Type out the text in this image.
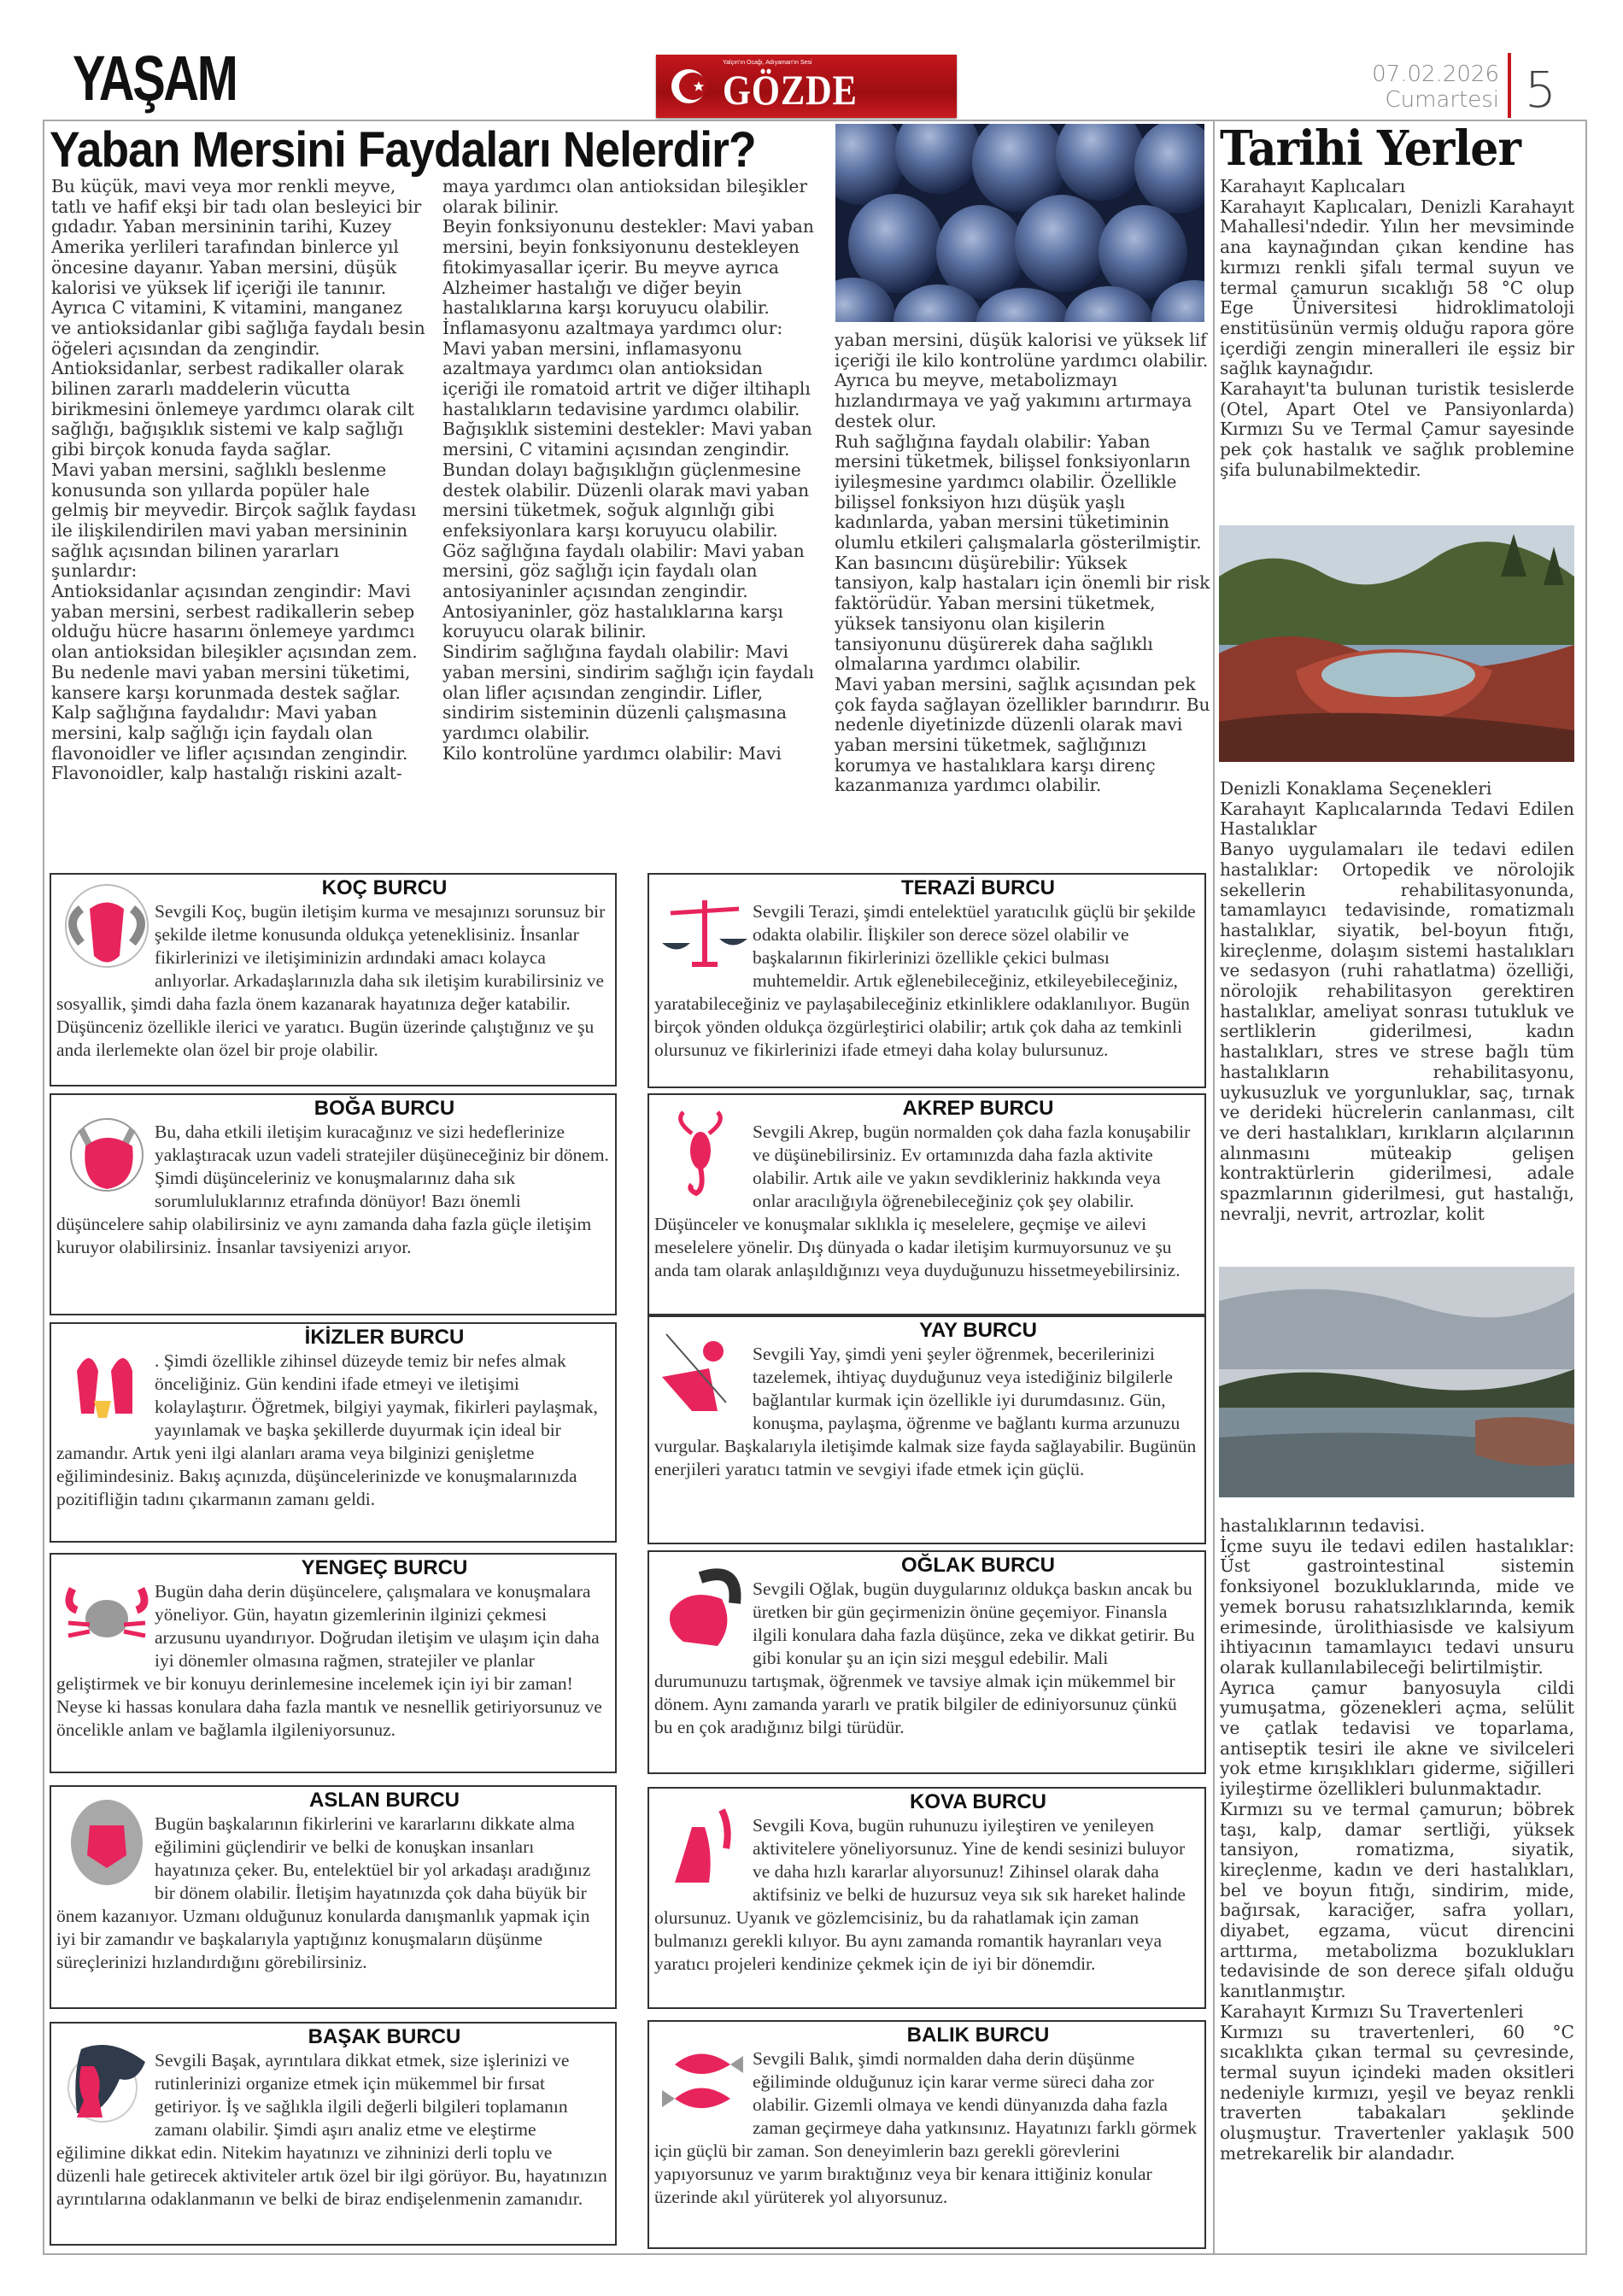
YAŞAM	Yalçın'ın Ocağı, Adıyaman'ın Sesi
GÖZDE	07.02.2026
Cumartesi 5
Yaban Mersini Faydaları Nelerdir?
Bu küçük, mavi veya mor renkli meyve, tatlı ve hafif ekşi bir tadı olan besleyici bir gıdadır. Yaban mersininin tarihi, Kuzey Amerika yerlileri tarafından binlerce yıl öncesine dayanır. Yaban mersini, düşük kalorisi ve yüksek lif içeriği ile tanınır. Ayrıca C vitamini, K vitamini, manganez ve antioksidanlar gibi sağlığa faydalı besin öğeleri açısından da zengindir. Antioksidanlar, serbest radikaller olarak bilinen zararlı maddelerin vücutta birikmesini önlemeye yardımcı olarak cilt sağlığı, bağışıklık sistemi ve kalp sağlığı gibi birçok konuda fayda sağlar.
Mavi yaban mersini, sağlıklı beslenme konusunda son yıllarda popüler hale gelmiş bir meyvedir. Birçok sağlık faydası ile ilişkilendirilen mavi yaban mersininin sağlık açısından bilinen yararları şunlardır:
Antioksidanlar açısından zengindir: Mavi yaban mersini, serbest radikallerin sebep olduğu hücre hasarını önlemeye yardımcı olan antioksidan bileşikler açısından zem.
Bu nedenle mavi yaban mersini tüketimi, kansere karşı korunmada destek sağlar.
Kalp sağlığına faydalıdır: Mavi yaban mersini, kalp sağlığı için faydalı olan flavonoidler ve lifler açısından zengindir. Flavonoidler, kalp hastalığı riskini azalt-
maya yardımcı olan antioksidan bileşikler olarak bilinir.
Beyin fonksiyonunu destekler: Mavi yaban mersini, beyin fonksiyonunu destekleyen fitokimyasallar içerir. Bu meyve ayrıca Alzheimer hastalığı ve diğer beyin hastalıklarına karşı koruyucu olabilir.
İnflamasyonu azaltmaya yardımcı olur: Mavi yaban mersini, inflamasyonu azaltmaya yardımcı olan antioksidan içeriği ile romatoid artrit ve diğer iltihaplı hastalıkların tedavisine yardımcı olabilir.
Bağışıklık sistemini destekler: Mavi yaban mersini, C vitamini açısından zengindir. Bundan dolayı bağışıklığın güçlenmesine destek olabilir. Düzenli olarak mavi yaban mersini tüketmek, soğuk algınlığı gibi enfeksiyonlara karşı koruyucu olabilir.
Göz sağlığına faydalı olabilir: Mavi yaban mersini, göz sağlığı için faydalı olan antosiyaninler açısından zengindir. Antosiyaninler, göz hastalıklarına karşı koruyucu olarak bilinir.
Sindirim sağlığına faydalı olabilir: Mavi yaban mersini, sindirim sağlığı için faydalı olan lifler açısından zengindir. Lifler, sindirim sisteminin düzenli çalışmasına yardımcı olabilir.
Kilo kontrolüne yardımcı olabilir: Mavi
yaban mersini, düşük kalorisi ve yüksek lif içeriği ile kilo kontrolüne yardımcı olabilir. Ayrıca bu meyve, metabolizmayı hızlandırmaya ve yağ yakımını artırmaya destek olur.
Ruh sağlığına faydalı olabilir: Yaban mersini tüketmek, bilişsel fonksiyonların iyileşmesine yardımcı olabilir. Özellikle bilişsel fonksiyon hızı düşük yaşlı kadınlarda, yaban mersini tüketiminin olumlu etkileri çalışmalarla gösterilmiştir.
Kan basıncını düşürebilir: Yüksek tansiyon, kalp hastaları için önemli bir risk faktörüdür. Yaban mersini tüketmek, yüksek tansiyonu olan kişilerin tansiyonunu düşürerek daha sağlıklı olmalarına yardımcı olabilir.
Mavi yaban mersini, sağlık açısından pek çok fayda sağlayan özellikler barındırır. Bu nedenle diyetinizde düzenli olarak mavi yaban mersini tüketmek, sağlığınızı korumya ve hastalıklara karşı direnç kazanmanıza yardımcı olabilir.
Tarihi Yerler
Karahayıt Kaplıcaları
Karahayıt Kaplıcaları, Denizli Karahayıt Mahallesi'ndedir. Yılın her mevsiminde ana kaynağından çıkan kendine has kırmızı renkli şifalı termal suyun ve termal çamurun sıcaklığı 58 °C olup Ege Üniversitesi hidroklimatoloji enstitüsünün vermiş olduğu rapora göre içerdiği zengin mineralleri ile eşsiz bir sağlık kaynağıdır.
Karahayıt'ta bulunan turistik tesislerde (Otel, Apart Otel ve Pansiyonlarda) Kırmızı Su ve Termal Çamur sayesinde pek çok hastalık ve sağlık problemine şifa bulunabilmektedir.
Denizli Konaklama Seçenekleri
Karahayıt Kaplıcalarında Tedavi Edilen Hastalıklar
Banyo uygulamaları ile tedavi edilen hastalıklar: Ortopedik ve nörolojik sekellerin rehabilitasyonunda, tamamlayıcı tedavisinde, romatizmalı hastalıklar, siyatik, bel-boyun fıtığı, kireçlenme, dolaşım sistemi hastalıkları ve sedasyon (ruhi rahatlatma) özelliği, nörolojik rehabilitasyon gerektiren hastalıklar, ameliyat sonrası tutukluk ve sertliklerin giderilmesi, kadın hastalıkları, stres ve strese bağlı tüm hastalıkların rehabilitasyonu, uykusuzluk ve yorgunluklar, saç, tırnak ve derideki hücrelerin canlanması, cilt ve deri hastalıkları, kırıkların alçılarının alınmasını müteakip gelişen kontraktürlerin giderilmesi, adale spazmlarının giderilmesi, gut hastalığı, nevralji, nevrit, artrozlar, kolit
hastalıklarının tedavisi.
İçme suyu ile tedavi edilen hastalıklar: Üst gastrointestinal sistemin fonksiyonel bozukluklarında, mide ve yemek borusu rahatsızlıklarında, kemik erimesinde, ürolithiasisde ve kalsiyum ihtiyacının tamamlayıcı tedavi unsuru olarak kullanılabileceği belirtilmiştir.
Ayrıca çamur banyosuyla cildi yumuşatma, gözenekleri açma, selülit ve çatlak tedavisi ve toparlama, antiseptik tesiri ile akne ve sivilceleri yok etme kırışıklıkları giderme, siğilleri iyileştirme özellikleri bulunmaktadır.
Kırmızı su ve termal çamurun; böbrek taşı, kalp, damar sertliği, yüksek tansiyon, romatizma, siyatik, kireçlenme, kadın ve deri hastalıkları, bel ve boyun fıtığı, sindirim, mide, bağırsak, karaciğer, safra yolları, diyabet, egzama, vücut direncini arttırma, metabolizma bozuklukları tedavisinde de son derece şifalı olduğu kanıtlanmıştır.
Karahayıt Kırmızı Su Travertenleri
Kırmızı su travertenleri, 60 °C sıcaklıkta çıkan termal su çevresinde, termal suyun içindeki maden oksitleri nedeniyle kırmızı, yeşil ve beyaz renkli traverten tabakaları şeklinde oluşmuştur. Travertenler yaklaşık 500 metrekarelik bir alandadır.
KOÇ BURCU
Sevgili Koç, bugün iletişim kurma ve mesajınızı sorunsuz bir şekilde iletme konusunda oldukça yeteneklisiniz. İnsanlar fikirlerinizi ve iletişiminizin ardındaki amacı kolayca anlıyorlar. Arkadaşlarınızla daha sık iletişim kurabilirsiniz ve sosyallik, şimdi daha fazla önem kazanarak hayatınıza değer katabilir. Düşünceniz özellikle ilerici ve yaratıcı. Bugün üzerinde çalıştığınız ve şu anda ilerlemekte olan özel bir proje olabilir.
BOĞA BURCU
Bu, daha etkili iletişim kuracağınız ve sizi hedeflerinize yaklaştıracak uzun vadeli stratejiler düşüneceğiniz bir dönem. Şimdi düşünceleriniz ve konuşmalarınız daha sık sorumluluklarınız etrafında dönüyor! Bazı önemli düşüncelere sahip olabilirsiniz ve aynı zamanda daha fazla güçle iletişim kuruyor olabilirsiniz. İnsanlar tavsiyenizi arıyor.
İKİZLER BURCU
. Şimdi özellikle zihinsel düzeyde temiz bir nefes almak önceliğiniz. Gün kendini ifade etmeyi ve iletişimi kolaylaştırır. Öğretmek, bilgiyi yaymak, fikirleri paylaşmak, yayınlamak ve başka şekillerde duyurmak için ideal bir zamandır. Artık yeni ilgi alanları arama veya bilginizi genişletme eğilimindesiniz. Bakış açınızda, düşüncelerinizde ve konuşmalarınızda pozitifliğin tadını çıkarmanın zamanı geldi.
YENGEÇ BURCU
Bugün daha derin düşüncelere, çalışmalara ve konuşmalara yöneliyor. Gün, hayatın gizemlerinin ilginizi çekmesi arzusunu uyandırıyor. Doğrudan iletişim ve ulaşım için daha iyi dönemler olmasına rağmen, stratejiler ve planlar geliştirmek ve bir konuyu derinlemesine incelemek için iyi bir zaman! Neyse ki hassas konulara daha fazla mantık ve nesnellik getiriyorsunuz ve öncelikle anlam ve bağlamla ilgileniyorsunuz.
ASLAN BURCU
Bugün başkalarının fikirlerini ve kararlarını dikkate alma eğilimini güçlendirir ve belki de konuşkan insanları hayatınıza çeker. Bu, entelektüel bir yol arkadaşı aradığınız bir dönem olabilir. İletişim hayatınızda çok daha büyük bir önem kazanıyor. Uzmanı olduğunuz konularda danışmanlık yapmak için iyi bir zamandır ve başkalarıyla yaptığınız konuşmaların düşünme süreçlerinizi hızlandırdığını görebilirsiniz.
BAŞAK BURCU
Sevgili Başak, ayrıntılara dikkat etmek, size işlerinizi ve rutinlerinizi organize etmek için mükemmel bir fırsat getiriyor. İş ve sağlıkla ilgili değerli bilgileri toplamanın zamanı olabilir. Şimdi aşırı analiz etme ve eleştirme eğilimine dikkat edin. Nitekim hayatınızı ve zihninizi derli toplu ve düzenli hale getirecek aktiviteler artık özel bir ilgi görüyor. Bu, hayatınızın ayrıntılarına odaklanmanın ve belki de biraz endişelenmenin zamanıdır.
TERAZİ BURCU
Sevgili Terazi, şimdi entelektüel yaratıcılık güçlü bir şekilde odakta olabilir. İlişkiler son derece sözel olabilir ve başkalarının fikirlerinizi özellikle çekici bulması muhtemeldir. Artık eğlenebileceğiniz, etkileyebileceğiniz, yaratabileceğiniz ve paylaşabileceğiniz etkinliklere odaklanılıyor. Bugün birçok yönden oldukça özgürleştirici olabilir; artık çok daha az temkinli olursunuz ve fikirlerinizi ifade etmeyi daha kolay bulursunuz.
AKREP BURCU
Sevgili Akrep, bugün normalden çok daha fazla konuşabilir ve düşünebilirsiniz. Ev ortamınızda daha fazla aktivite olabilir. Artık aile ve yakın sevdikleriniz hakkında veya onlar aracılığıyla öğrenebileceğiniz çok şey olabilir. Düşünceler ve konuşmalar sıklıkla iç meselelere, geçmişe ve ailevi meselelere yönelir. Dış dünyada o kadar iletişim kurmuyorsunuz ve şu anda tam olarak anlaşıldığınızı veya duyduğunuzu hissetmeyebilirsiniz.
YAY BURCU
Sevgili Yay, şimdi yeni şeyler öğrenmek, becerilerinizi tazelemek, ihtiyaç duyduğunuz veya istediğiniz bilgilerle bağlantılar kurmak için özellikle iyi durumdasınız. Gün, konuşma, paylaşma, öğrenme ve bağlantı kurma arzunuzu vurgular. Başkalarıyla iletişimde kalmak size fayda sağlayabilir. Bugünün enerjileri yaratıcı tatmin ve sevgiyi ifade etmek için güçlü.
OĞLAK BURCU
Sevgili Oğlak, bugün duygularınız oldukça baskın ancak bu üretken bir gün geçirmenizin önüne geçemiyor. Finansla ilgili konulara daha fazla düşünce, zeka ve dikkat getirir. Bu gibi konular şu an için sizi meşgul edebilir. Mali durumunuzu tartışmak, öğrenmek ve tavsiye almak için mükemmel bir dönem. Aynı zamanda yararlı ve pratik bilgiler de ediniyorsunuz çünkü bu en çok aradığınız bilgi türüdür.
KOVA BURCU
Sevgili Kova, bugün ruhunuzu iyileştiren ve yenileyen aktivitelere yöneliyorsunuz. Yine de kendi sesinizi buluyor ve daha hızlı kararlar alıyorsunuz! Zihinsel olarak daha aktifsiniz ve belki de huzursuz veya sık sık hareket halinde olursunuz. Uyanık ve gözlemcisiniz, bu da rahatlamak için zaman bulmanızı gerekli kılıyor. Bu aynı zamanda romantik hayranları veya yaratıcı projeleri kendinize çekmek için de iyi bir dönemdir.
BALIK BURCU
Sevgili Balık, şimdi normalden daha derin düşünme eğiliminde olduğunuz için karar verme süreci daha zor olabilir. Gizemli olmaya ve kendi dünyanızda daha fazla zaman geçirmeye daha yatkınsınız. Hayatınızı farklı görmek için güçlü bir zaman. Son deneyimlerin bazı gerekli görevlerini yapıyorsunuz ve yarım bıraktığınız veya bir kenara ittiğiniz konular üzerinde akıl yürüterek yol alıyorsunuz.
